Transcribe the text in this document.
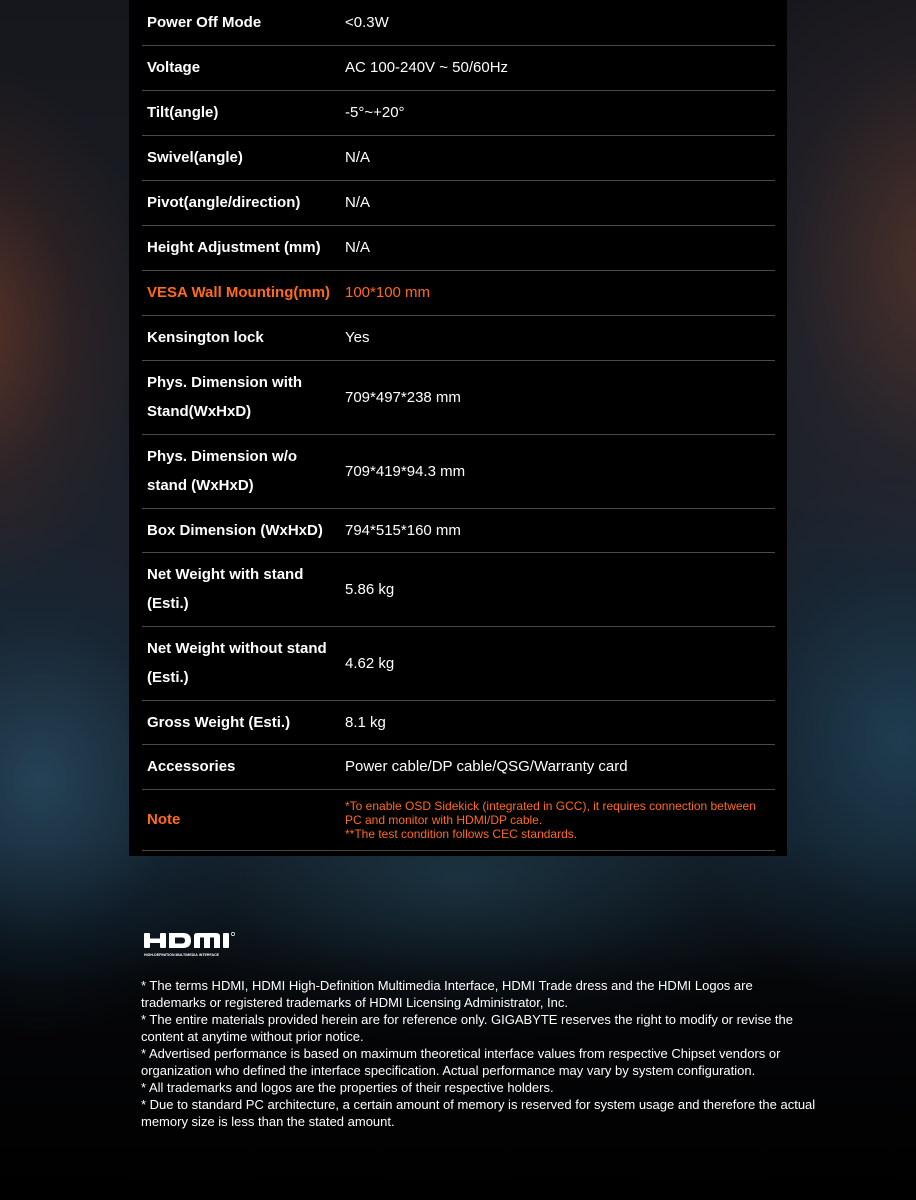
Power Off Mode	<0.3W
Voltage	AC 100-240V ~ 50/60Hz
Tilt(angle)	-5°~+20°
Swivel(angle)	N/A
Pivot(angle/direction)	N/A
Height Adjustment (mm)	N/A
VESA Wall Mounting(mm)	100*100 mm
Kensington lock	Yes
Phys. Dimension with Stand(WxHxD)	709*497*238 mm
Phys. Dimension w/o stand (WxHxD)	709*419*94.3 mm
Box Dimension (WxHxD)	794*515*160 mm
Net Weight with stand (Esti.)	5.86 kg
Net Weight without stand (Esti.)	4.62 kg
Gross Weight (Esti.)	8.1 kg
Accessories	Power cable/DP cable/QSG/Warranty card
Note	*To enable OSD Sidekick (integrated in GCC), it requires connection between PC and monitor with HDMI/DP cable.
**The test condition follows CEC standards.
HIGH-DEFINITION MULTIMEDIA INTERFACE

* The terms HDMI, HDMI High-Definition Multimedia Interface, HDMI Trade dress and the HDMI Logos are trademarks or registered trademarks of HDMI Licensing Administrator, Inc.

* The entire materials provided herein are for reference only. GIGABYTE reserves the right to modify or revise the content at anytime without prior notice.

* Advertised performance is based on maximum theoretical interface values from respective Chipset vendors or organization who defined the interface specification. Actual performance may vary by system configuration.

* All trademarks and logos are the properties of their respective holders.

* Due to standard PC architecture, a certain amount of memory is reserved for system usage and therefore the actual memory size is less than the stated amount.
